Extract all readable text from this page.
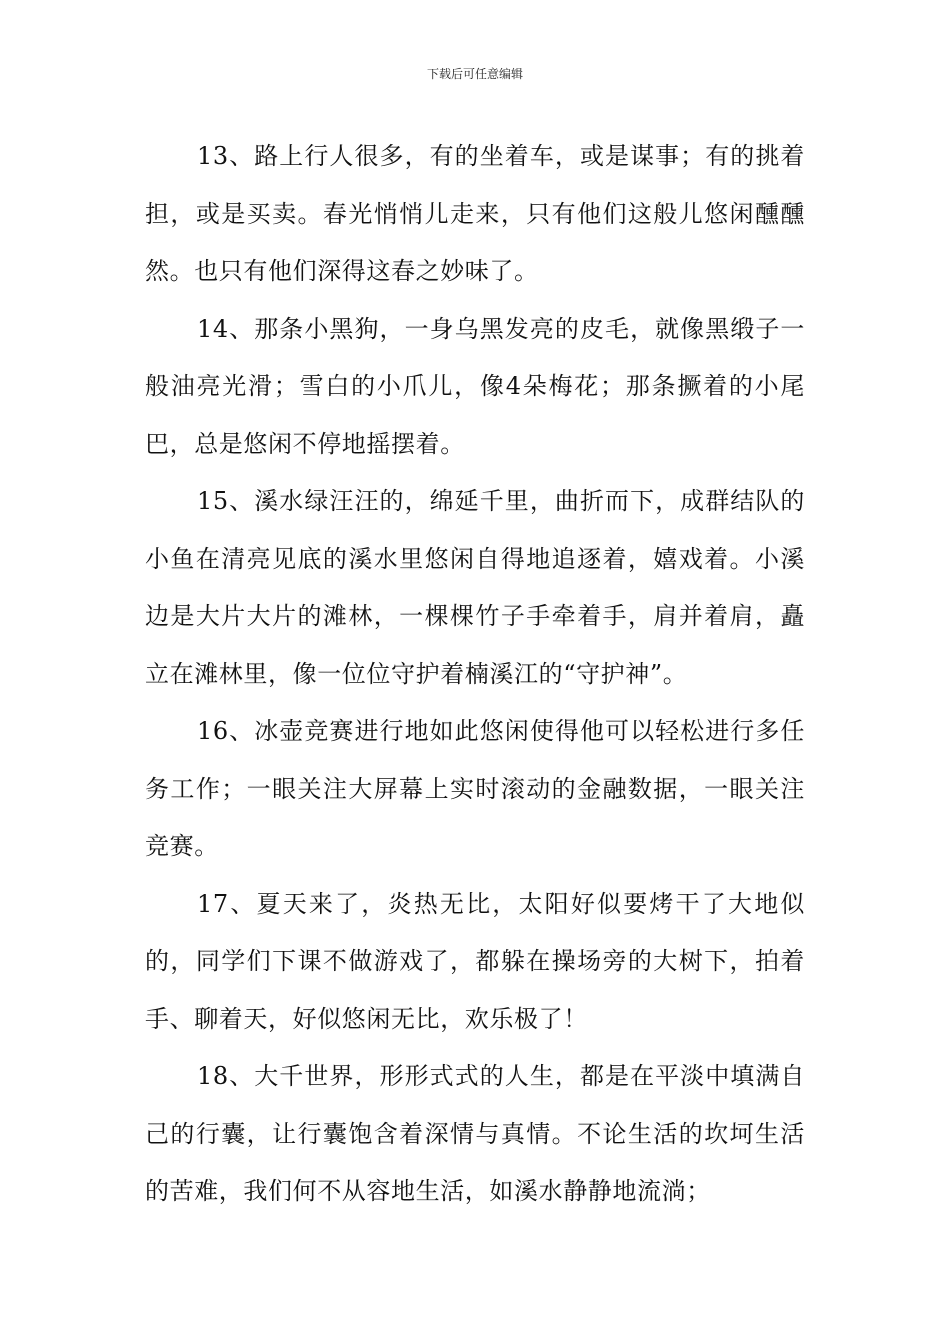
下载后可任意编辑

13、路上行人很多，有的坐着车，或是谋事；有的挑着担，或是买卖。春光悄悄儿走来，只有他们这般儿悠闲醺醺然。也只有他们深得这春之妙味了。

14、那条小黑狗，一身乌黑发亮的皮毛，就像黑缎子一般油亮光滑；雪白的小爪儿，像4朵梅花；那条撅着的小尾巴，总是悠闲不停地摇摆着。

15、溪水绿汪汪的，绵延千里，曲折而下，成群结队的小鱼在清亮见底的溪水里悠闲自得地追逐着，嬉戏着。小溪边是大片大片的滩林，一棵棵竹子手牵着手，肩并着肩，矗立在滩林里，像一位位守护着楠溪江的“守护神”。

16、冰壶竞赛进行地如此悠闲使得他可以轻松进行多任务工作；一眼关注大屏幕上实时滚动的金融数据，一眼关注竞赛。

17、夏天来了，炎热无比，太阳好似要烤干了大地似的，同学们下课不做游戏了，都躲在操场旁的大树下，拍着手、聊着天，好似悠闲无比，欢乐极了！

18、大千世界，形形式式的人生，都是在平淡中填满自己的行囊，让行囊饱含着深情与真情。不论生活的坎坷生活的苦难，我们何不从容地生活，如溪水静静地流淌；
